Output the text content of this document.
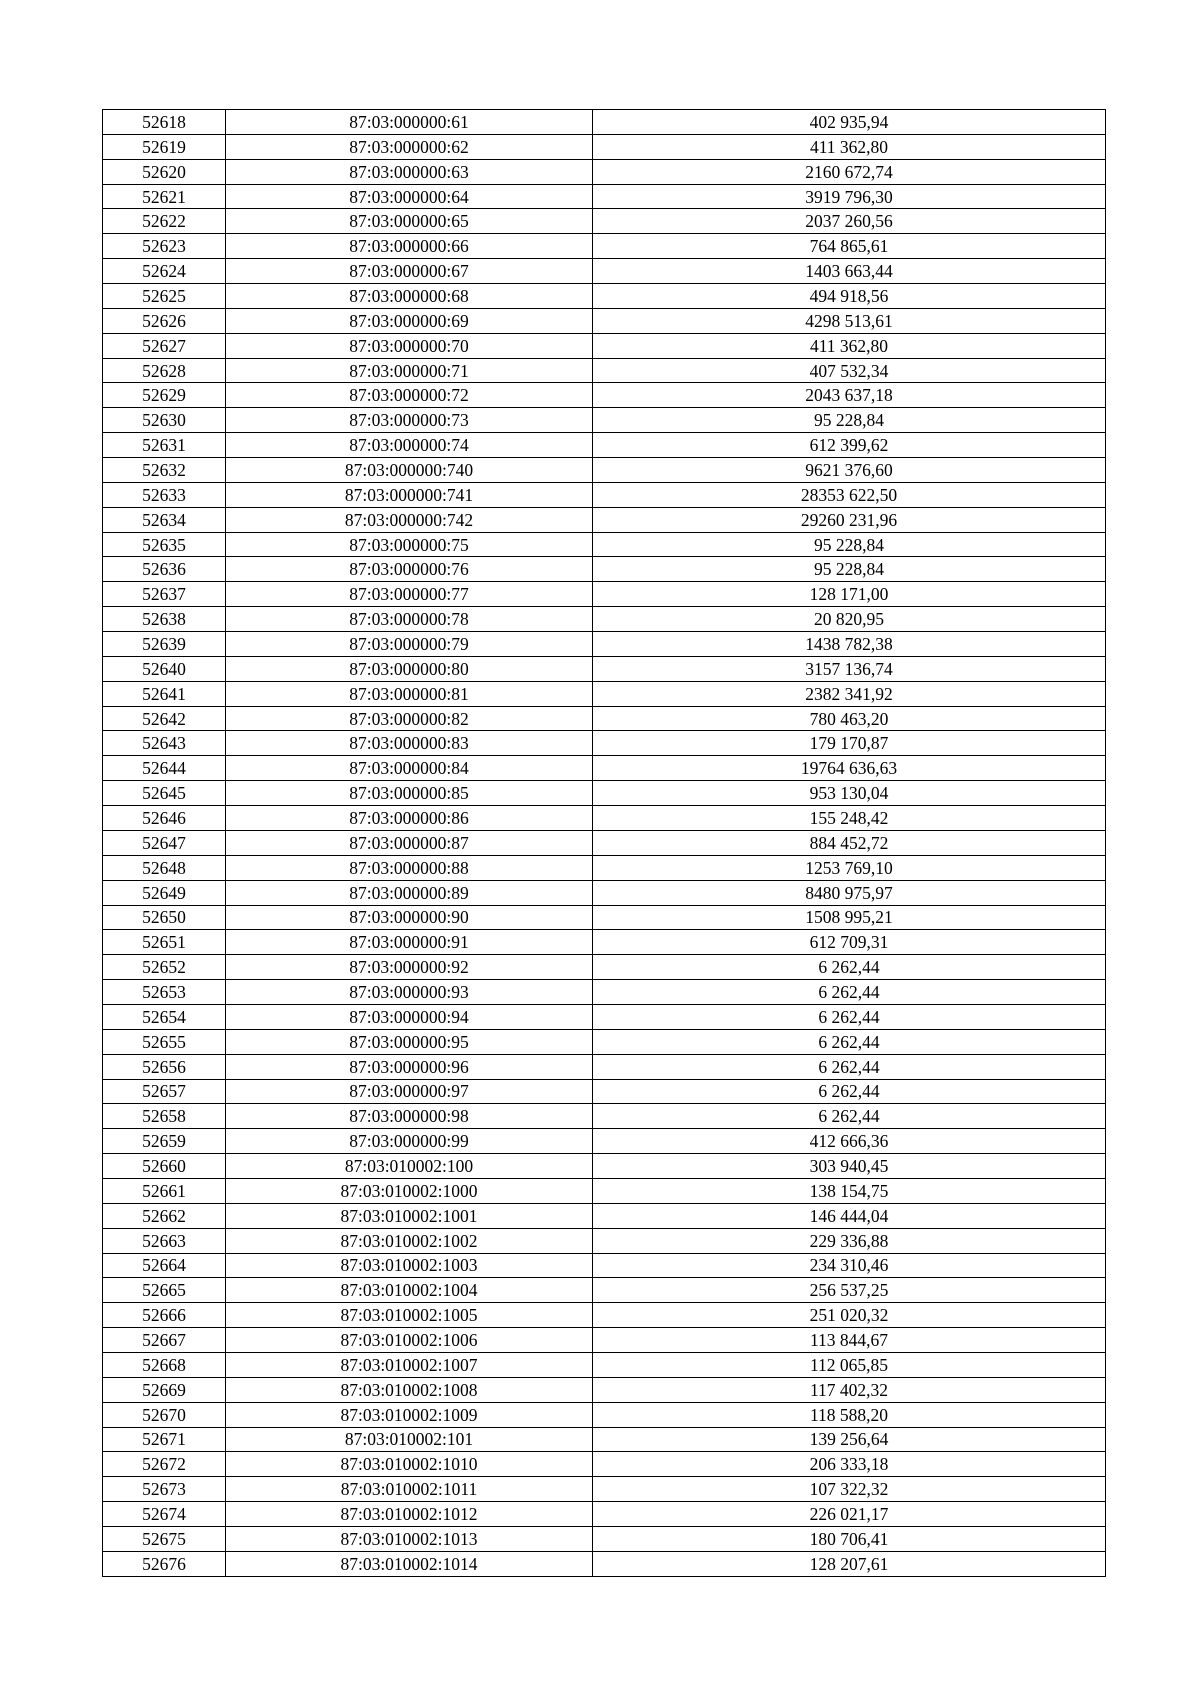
52618	87:03:000000:61	402 935,94
52619	87:03:000000:62	411 362,80
52620	87:03:000000:63	2160 672,74
52621	87:03:000000:64	3919 796,30
52622	87:03:000000:65	2037 260,56
52623	87:03:000000:66	764 865,61
52624	87:03:000000:67	1403 663,44
52625	87:03:000000:68	494 918,56
52626	87:03:000000:69	4298 513,61
52627	87:03:000000:70	411 362,80
52628	87:03:000000:71	407 532,34
52629	87:03:000000:72	2043 637,18
52630	87:03:000000:73	95 228,84
52631	87:03:000000:74	612 399,62
52632	87:03:000000:740	9621 376,60
52633	87:03:000000:741	28353 622,50
52634	87:03:000000:742	29260 231,96
52635	87:03:000000:75	95 228,84
52636	87:03:000000:76	95 228,84
52637	87:03:000000:77	128 171,00
52638	87:03:000000:78	20 820,95
52639	87:03:000000:79	1438 782,38
52640	87:03:000000:80	3157 136,74
52641	87:03:000000:81	2382 341,92
52642	87:03:000000:82	780 463,20
52643	87:03:000000:83	179 170,87
52644	87:03:000000:84	19764 636,63
52645	87:03:000000:85	953 130,04
52646	87:03:000000:86	155 248,42
52647	87:03:000000:87	884 452,72
52648	87:03:000000:88	1253 769,10
52649	87:03:000000:89	8480 975,97
52650	87:03:000000:90	1508 995,21
52651	87:03:000000:91	612 709,31
52652	87:03:000000:92	6 262,44
52653	87:03:000000:93	6 262,44
52654	87:03:000000:94	6 262,44
52655	87:03:000000:95	6 262,44
52656	87:03:000000:96	6 262,44
52657	87:03:000000:97	6 262,44
52658	87:03:000000:98	6 262,44
52659	87:03:000000:99	412 666,36
52660	87:03:010002:100	303 940,45
52661	87:03:010002:1000	138 154,75
52662	87:03:010002:1001	146 444,04
52663	87:03:010002:1002	229 336,88
52664	87:03:010002:1003	234 310,46
52665	87:03:010002:1004	256 537,25
52666	87:03:010002:1005	251 020,32
52667	87:03:010002:1006	113 844,67
52668	87:03:010002:1007	112 065,85
52669	87:03:010002:1008	117 402,32
52670	87:03:010002:1009	118 588,20
52671	87:03:010002:101	139 256,64
52672	87:03:010002:1010	206 333,18
52673	87:03:010002:1011	107 322,32
52674	87:03:010002:1012	226 021,17
52675	87:03:010002:1013	180 706,41
52676	87:03:010002:1014	128 207,61
